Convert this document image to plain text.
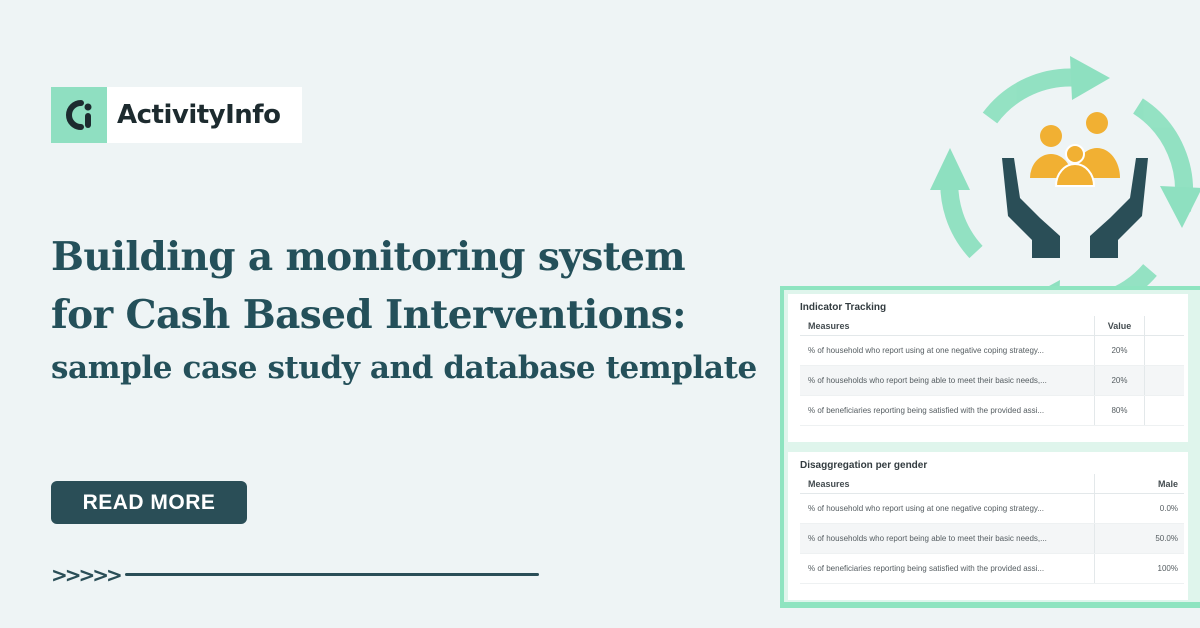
ActivityInfo
Building a monitoring system
for Cash Based Interventions:
sample case study and database template
READ MORE
>>>>>
Indicator Tracking
Measures	Value
% of household who report using at one negative coping strategy...	20%
% of households who report being able to meet their basic needs,...	20%
% of beneficiaries reporting being satisfied with the provided assi...	80%
Disaggregation per gender
Measures	Male
% of household who report using at one negative coping strategy...	0.0%
% of households who report being able to meet their basic needs,...	50.0%
% of beneficiaries reporting being satisfied with the provided assi...	100%
